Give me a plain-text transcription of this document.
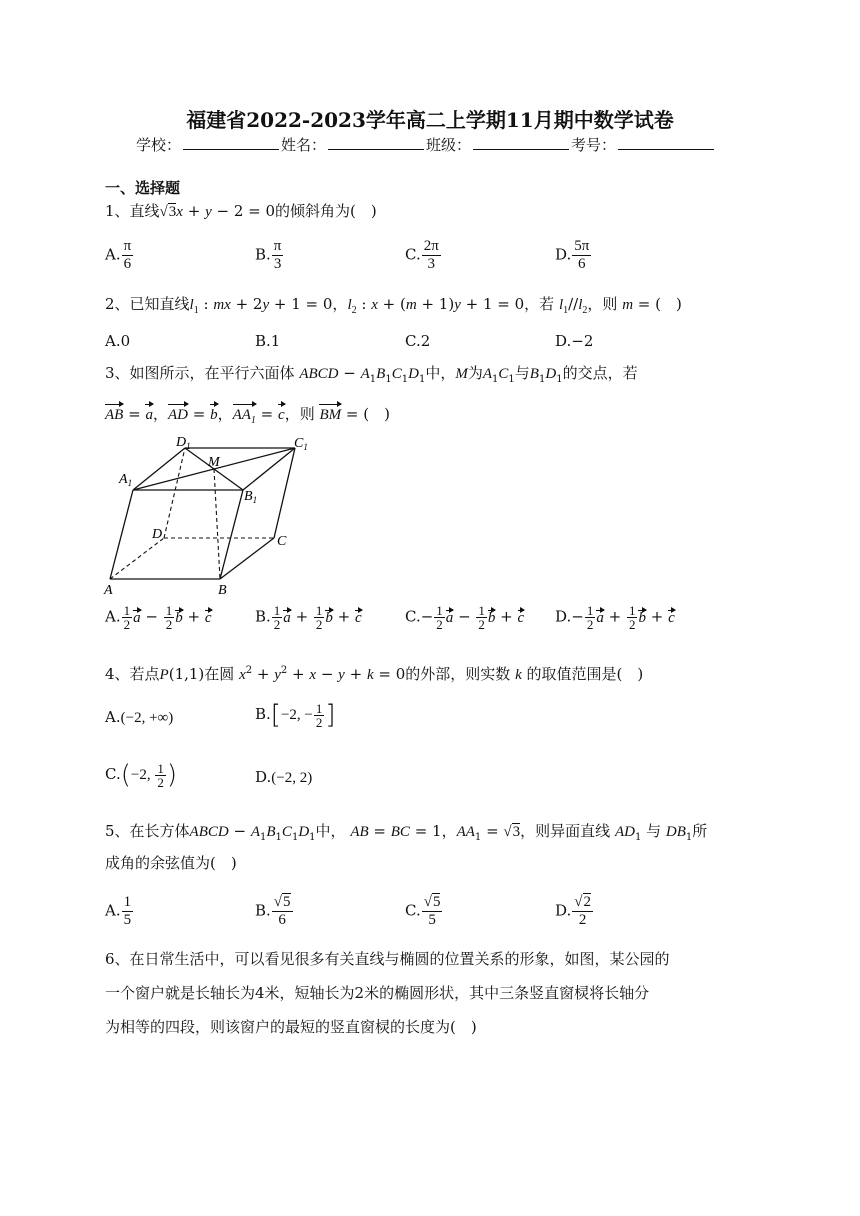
福建省2022-2023学年高二上学期11月期中数学试卷
学校：	姓名：	班级：	考号：
一、选择题
1、直线√3x + y − 2 = 0的倾斜角为(　)
A. $\frac{\pi}{6}$	B. $\frac{\pi}{3}$	C. $\frac{2\pi}{3}$	D. $\frac{5\pi}{6}$
2、已知直线$l_1$ : mx + 2y + 1 = 0，$l_2$ : x + (m + 1)y + 1 = 0，若 $l_1//l_2$，则 m = (　)
A.0	B.1	C.2	D.−2
3、如图所示，在平行六面体 ABCD − $A_1B_1C_1D_1$中，M为$A_1C_1$与$B_1D_1$的交点，若
AB = a，AD = b，$AA_1 = c$，则 BM = (　)
$D_1$
M
$C_1$
$A_1$
$B_1$
D	C
A	B
A. $\frac{1}{2}$ $a - \frac{1}{2}$ b + c	B. $\frac{1}{2}$ $a + \frac{1}{2}$ b + c	$C.- \frac{1}{2}$ $a - \frac{1}{2}$ b + c $D.- \frac{1}{2}$ $a + \frac{1}{2}$ b + c
4、若点P(1,1)在圆 $x^2 + y^2 + x - y + k = 0$的外部，则实数 k 的取值范围是(　)
A.(−2, +∞)	B.[−2, − $\frac{1}{2}$ ]
C.(−2, $\frac{1}{2}$ )	D.(−2, 2)
5、在长方体ABCD − $A_1B_1C_1D_1$中， AB = BC = 1，$AA_1 = √3$，则异面直线 $AD_1$ 与 $DB_1$所
成角的余弦值为(　)
A. $\frac{1}{5}$	B. $\frac{√5}{6}$	C. $\frac{√5}{5}$	D. $\frac{√2}{2}$
6、在日常生活中，可以看见很多有关直线与椭圆的位置关系的形象，如图，某公园的
一个窗户就是长轴长为4米，短轴长为2米的椭圆形状，其中三条竖直窗棂将长轴分
为相等的四段，则该窗户的最短的竖直窗棂的长度为(　)
